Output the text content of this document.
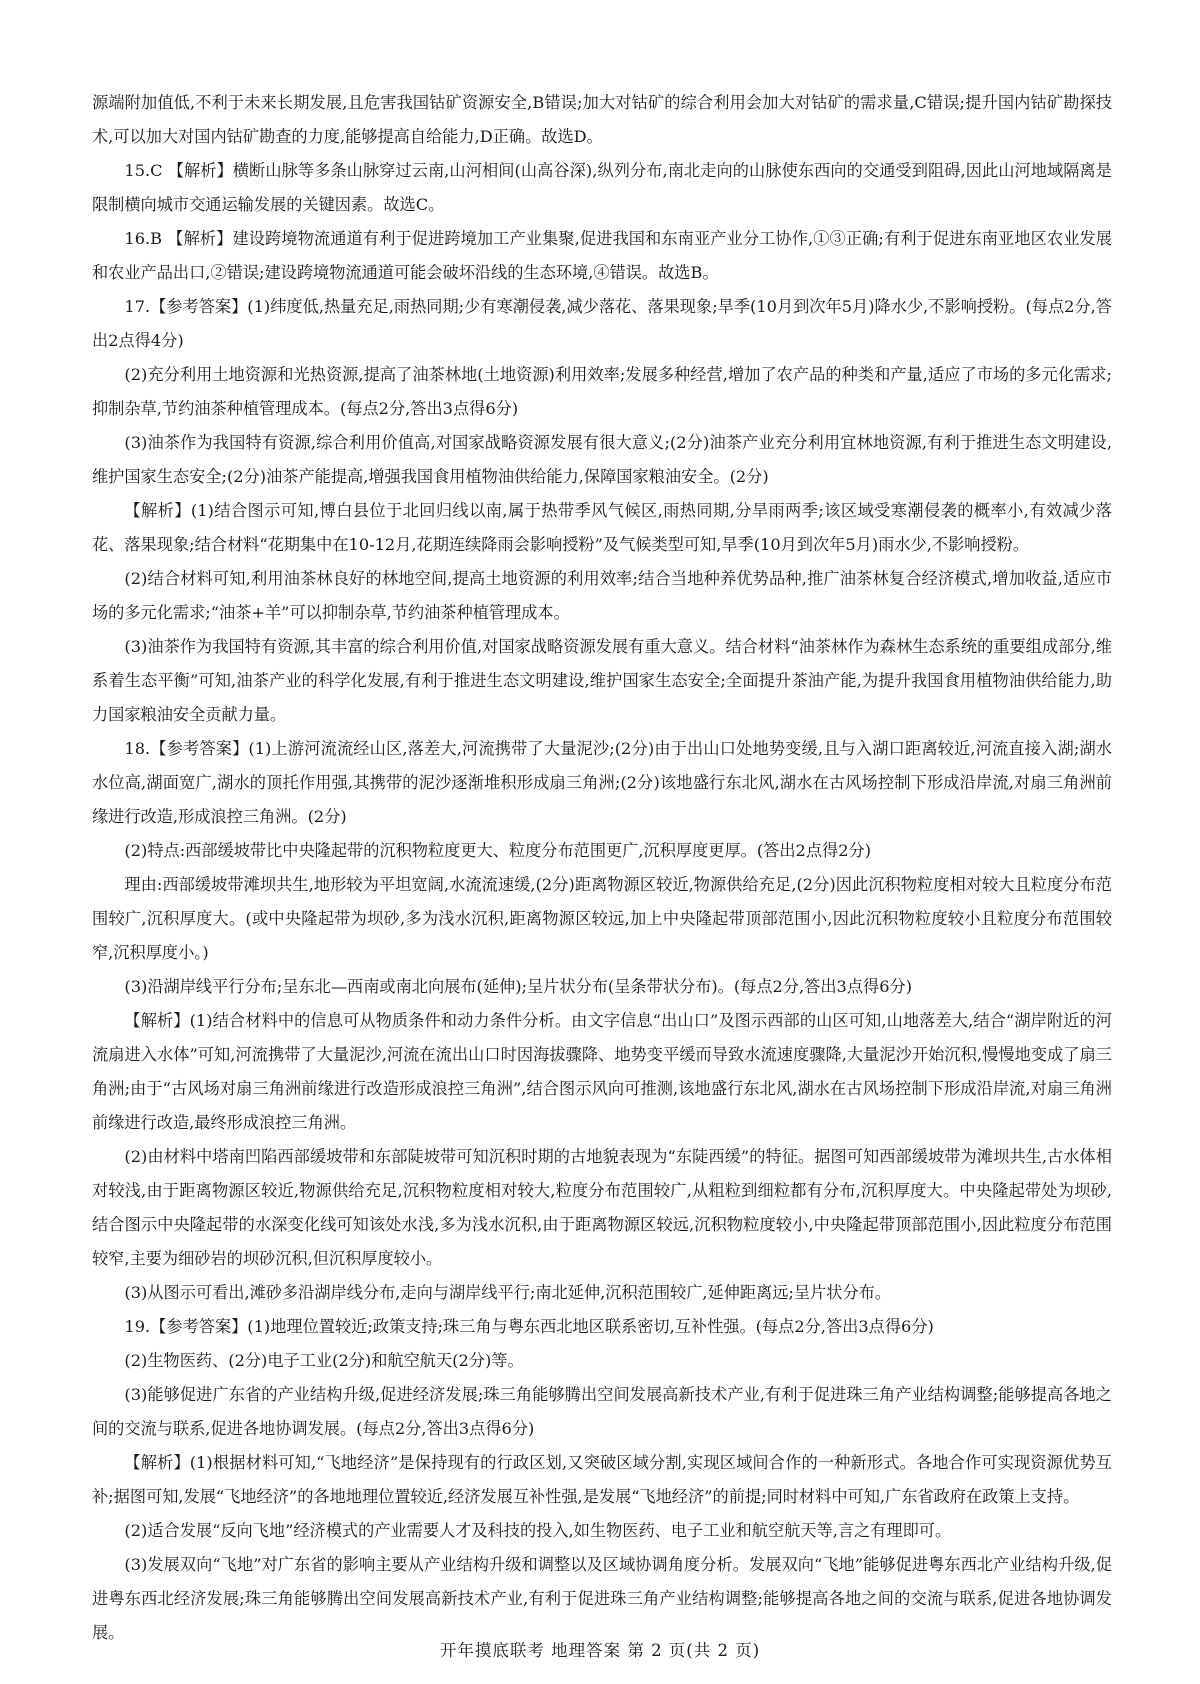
源端附加值低,不利于未来长期发展,且危害我国钴矿资源安全,B错误;加大对钴矿的综合利用会加大对钴矿的需求量,C错误;提升国内钴矿勘探技术,可以加大对国内钴矿勘查的力度,能够提高自给能力,D正确。故选D。

15.C 【解析】横断山脉等多条山脉穿过云南,山河相间(山高谷深),纵列分布,南北走向的山脉使东西向的交通受到阻碍,因此山河地域隔离是限制横向城市交通运输发展的关键因素。故选C。

16.B 【解析】建设跨境物流通道有利于促进跨境加工产业集聚,促进我国和东南亚产业分工协作,①③正确;有利于促进东南亚地区农业发展和农业产品出口,②错误;建设跨境物流通道可能会破坏沿线的生态环境,④错误。故选B。

17.【参考答案】(1)纬度低,热量充足,雨热同期;少有寒潮侵袭,减少落花、落果现象;旱季(10月到次年5月)降水少,不影响授粉。(每点2分,答出2点得4分)

(2)充分利用土地资源和光热资源,提高了油茶林地(土地资源)利用效率;发展多种经营,增加了农产品的种类和产量,适应了市场的多元化需求;抑制杂草,节约油茶种植管理成本。(每点2分,答出3点得6分)

(3)油茶作为我国特有资源,综合利用价值高,对国家战略资源发展有很大意义;(2分)油茶产业充分利用宜林地资源,有利于推进生态文明建设,维护国家生态安全;(2分)油茶产能提高,增强我国食用植物油供给能力,保障国家粮油安全。(2分)

【解析】(1)结合图示可知,博白县位于北回归线以南,属于热带季风气候区,雨热同期,分旱雨两季;该区域受寒潮侵袭的概率小,有效减少落花、落果现象;结合材料“花期集中在10-12月,花期连续降雨会影响授粉”及气候类型可知,旱季(10月到次年5月)雨水少,不影响授粉。

(2)结合材料可知,利用油茶林良好的林地空间,提高土地资源的利用效率;结合当地种养优势品种,推广油茶林复合经济模式,增加收益,适应市场的多元化需求;“油茶+羊”可以抑制杂草,节约油茶种植管理成本。

(3)油茶作为我国特有资源,其丰富的综合利用价值,对国家战略资源发展有重大意义。结合材料“油茶林作为森林生态系统的重要组成部分,维系着生态平衡”可知,油茶产业的科学化发展,有利于推进生态文明建设,维护国家生态安全;全面提升茶油产能,为提升我国食用植物油供给能力,助力国家粮油安全贡献力量。

18.【参考答案】(1)上游河流流经山区,落差大,河流携带了大量泥沙;(2分)由于出山口处地势变缓,且与入湖口距离较近,河流直接入湖;湖水水位高,湖面宽广,湖水的顶托作用强,其携带的泥沙逐渐堆积形成扇三角洲;(2分)该地盛行东北风,湖水在古风场控制下形成沿岸流,对扇三角洲前缘进行改造,形成浪控三角洲。(2分)

(2)特点:西部缓坡带比中央隆起带的沉积物粒度更大、粒度分布范围更广,沉积厚度更厚。(答出2点得2分)

理由:西部缓坡带滩坝共生,地形较为平坦宽阔,水流流速缓,(2分)距离物源区较近,物源供给充足,(2分)因此沉积物粒度相对较大且粒度分布范围较广,沉积厚度大。(或中央隆起带为坝砂,多为浅水沉积,距离物源区较远,加上中央隆起带顶部范围小,因此沉积物粒度较小且粒度分布范围较窄,沉积厚度小。)

(3)沿湖岸线平行分布;呈东北—西南或南北向展布(延伸);呈片状分布(呈条带状分布)。(每点2分,答出3点得6分)

【解析】(1)结合材料中的信息可从物质条件和动力条件分析。由文字信息“出山口”及图示西部的山区可知,山地落差大,结合“湖岸附近的河流扇进入水体”可知,河流携带了大量泥沙,河流在流出山口时因海拔骤降、地势变平缓而导致水流速度骤降,大量泥沙开始沉积,慢慢地变成了扇三角洲;由于“古风场对扇三角洲前缘进行改造形成浪控三角洲”,结合图示风向可推测,该地盛行东北风,湖水在古风场控制下形成沿岸流,对扇三角洲前缘进行改造,最终形成浪控三角洲。

(2)由材料中塔南凹陷西部缓坡带和东部陡坡带可知沉积时期的古地貌表现为“东陡西缓”的特征。据图可知西部缓坡带为滩坝共生,古水体相对较浅,由于距离物源区较近,物源供给充足,沉积物粒度相对较大,粒度分布范围较广,从粗粒到细粒都有分布,沉积厚度大。中央隆起带处为坝砂,结合图示中央隆起带的水深变化线可知该处水浅,多为浅水沉积,由于距离物源区较远,沉积物粒度较小,中央隆起带顶部范围小,因此粒度分布范围较窄,主要为细砂岩的坝砂沉积,但沉积厚度较小。

(3)从图示可看出,滩砂多沿湖岸线分布,走向与湖岸线平行;南北延伸,沉积范围较广,延伸距离远;呈片状分布。

19.【参考答案】(1)地理位置较近;政策支持;珠三角与粤东西北地区联系密切,互补性强。(每点2分,答出3点得6分)

(2)生物医药、(2分)电子工业(2分)和航空航天(2分)等。

(3)能够促进广东省的产业结构升级,促进经济发展;珠三角能够腾出空间发展高新技术产业,有利于促进珠三角产业结构调整;能够提高各地之间的交流与联系,促进各地协调发展。(每点2分,答出3点得6分)

【解析】(1)根据材料可知,“飞地经济”是保持现有的行政区划,又突破区域分割,实现区域间合作的一种新形式。各地合作可实现资源优势互补;据图可知,发展“飞地经济”的各地地理位置较近,经济发展互补性强,是发展“飞地经济”的前提;同时材料中可知,广东省政府在政策上支持。

(2)适合发展“反向飞地”经济模式的产业需要人才及科技的投入,如生物医药、电子工业和航空航天等,言之有理即可。

(3)发展双向“飞地”对广东省的影响主要从产业结构升级和调整以及区域协调角度分析。发展双向“飞地”能够促进粤东西北产业结构升级,促进粤东西北经济发展;珠三角能够腾出空间发展高新技术产业,有利于促进珠三角产业结构调整;能够提高各地之间的交流与联系,促进各地协调发展。

开年摸底联考 地理答案 第 2 页(共 2 页)
